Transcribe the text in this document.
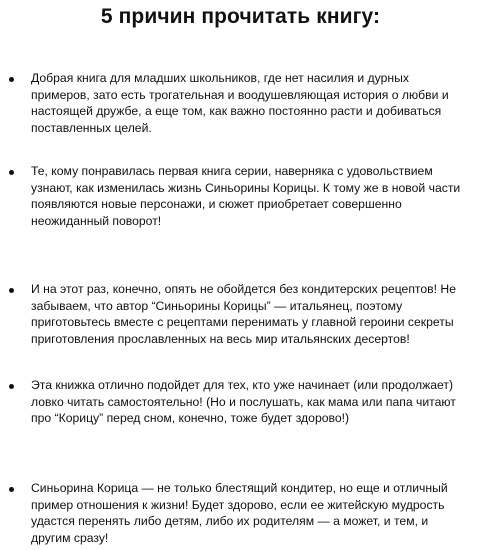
5 причин прочитать книгу:
Добрая книга для младших школьников, где нет насилия и дурных примеров, зато есть трогательная и воодушевляющая история о любви и настоящей дружбе, а еще том, как важно постоянно расти и добиваться поставленных целей.
Те, кому понравилась первая книга серии, наверняка с удовольствием узнают, как изменилась жизнь Синьорины Корицы. К тому же в новой части появляются новые персонажи, и сюжет приобретает совершенно неожиданный поворот!
И на этот раз, конечно, опять не обойдется без кондитерских рецептов! Не забываем, что автор “Синьорины Корицы” — итальянец, поэтому приготовьтесь вместе с рецептами перенимать у главной героини секреты приготовления прославленных на весь мир итальянских десертов!
Эта книжка отлично подойдет для тех, кто уже начинает (или продолжает) ловко читать самостоятельно! (Но и послушать, как мама или папа читают про “Корицу” перед сном, конечно, тоже будет здорово!)
Синьорина Корица — не только блестящий кондитер, но еще и отличный пример отношения к жизни! Будет здорово, если ее житейскую мудрость удастся перенять либо детям, либо их родителям — а может, и тем, и другим сразу!
